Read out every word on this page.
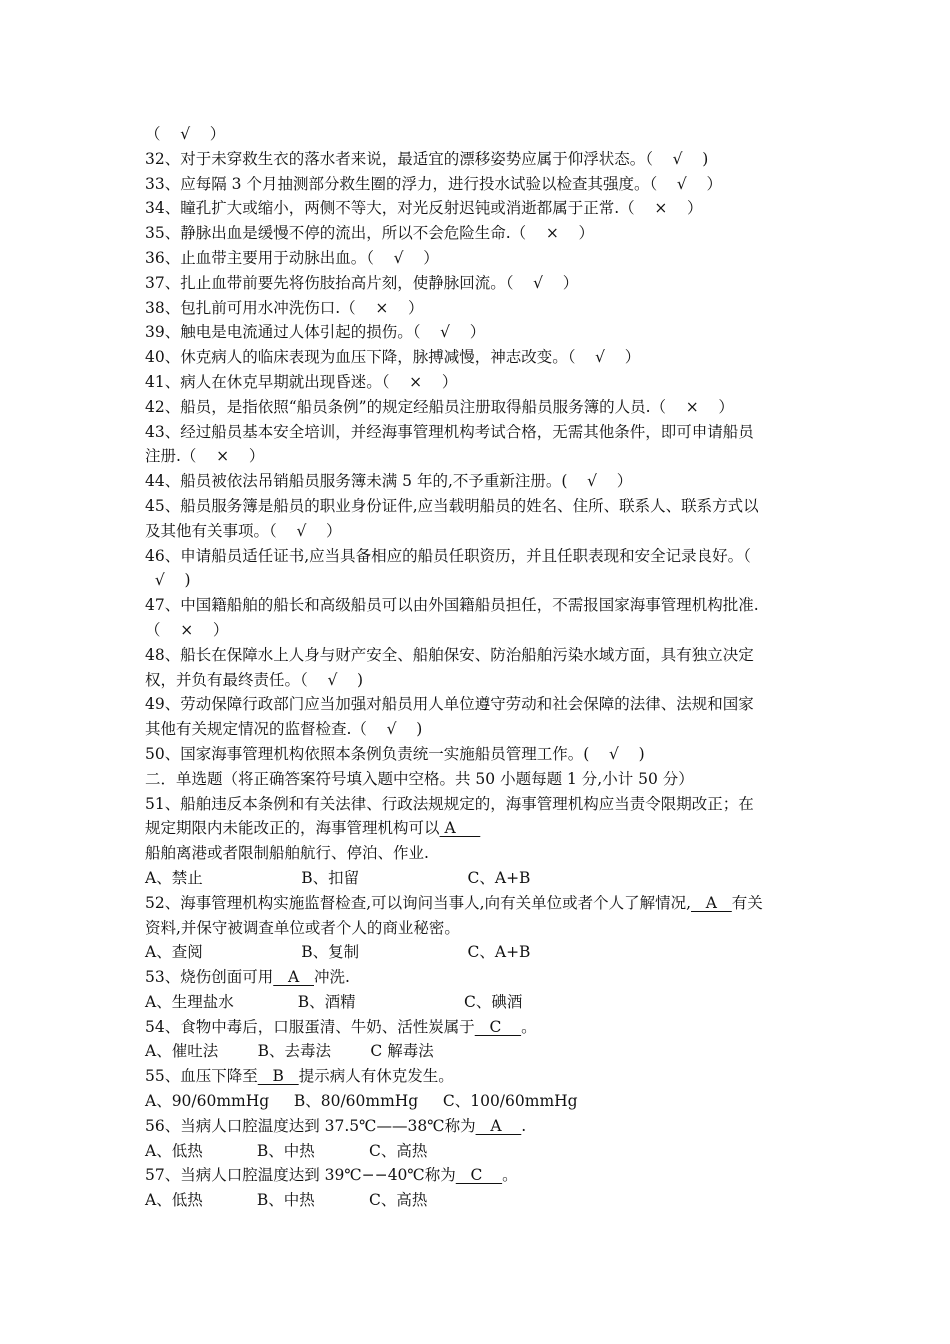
（    √    ）
32、对于未穿救生衣的落水者来说，最适宜的漂移姿势应属于仰浮状态。（    √    )
33、应每隔 3 个月抽测部分救生圈的浮力，进行投水试验以检查其强度。（    √    ）
34、瞳孔扩大或缩小，两侧不等大，对光反射迟钝或消逝都属于正常.（    ×    ）
35、静脉出血是缓慢不停的流出，所以不会危险生命.（    ×    ）
36、止血带主要用于动脉出血。（    √    ）
37、扎止血带前要先将伤肢抬高片刻，使静脉回流。（    √    ）
38、包扎前可用水冲洗伤口.（    ×    ）
39、触电是电流通过人体引起的损伤。（    √    ）
40、休克病人的临床表现为血压下降，脉搏减慢，神志改变。（    √    ）
41、病人在休克早期就出现昏迷。（    ×    ）
42、船员，是指依照“船员条例”的规定经船员注册取得船员服务簿的人员.（    ×    ）
43、经过船员基本安全培训，并经海事管理机构考试合格，无需其他条件，即可申请船员
注册.（    ×    ）
44、船员被依法吊销船员服务簿未满 5 年的,不予重新注册。(    √    ）
45、船员服务簿是船员的职业身份证件,应当载明船员的姓名、住所、联系人、联系方式以
及其他有关事项。（    √    ）
46、申请船员适任证书,应当具备相应的船员任职资历，并且任职表现和安全记录良好。（
√    )
47、中国籍船舶的船长和高级船员可以由外国籍船员担任，不需报国家海事管理机构批准.
（    ×    ）
48、船长在保障水上人身与财产安全、船舶保安、防治船舶污染水域方面，具有独立决定
权，并负有最终责任。（    √    )
49、劳动保障行政部门应当加强对船员用人单位遵守劳动和社会保障的法律、法规和国家
其他有关规定情况的监督检查.（    √    )
50、国家海事管理机构依照本条例负责统一实施船员管理工作。(    √    )
二．单选题（将正确答案符号填入题中空格。共 50 小题每题 1 分,小计 50 分）
51、船舶违反本条例和有关法律、行政法规规定的，海事管理机构应当责令限期改正；在
规定期限内未能改正的，海事管理机构可以 A
船舶离港或者限制船舶航行、停泊、作业.
A、禁止                    B、扣留                      C、A+B
52、海事管理机构实施监督检查,可以询问当事人,向有关单位或者个人了解情况,   A   有关
资料,并保守被调查单位或者个人的商业秘密。
A、查阅                    B、复制                      C、A+B
53、烧伤创面可用   A   冲洗.
A、生理盐水             B、酒精                      C、碘酒
54、食物中毒后，口服蛋清、牛奶、活性炭属于   C    。
A、催吐法        B、去毒法        C 解毒法
55、血压下降至   B   提示病人有休克发生。
A、90/60mmHg     B、80/60mmHg     C、100/60mmHg
56、当病人口腔温度达到 37.5℃——38℃称为   A    .
A、低热           B、中热           C、高热
57、当病人口腔温度达到 39℃−−40℃称为   C    。
A、低热           B、中热           C、高热
